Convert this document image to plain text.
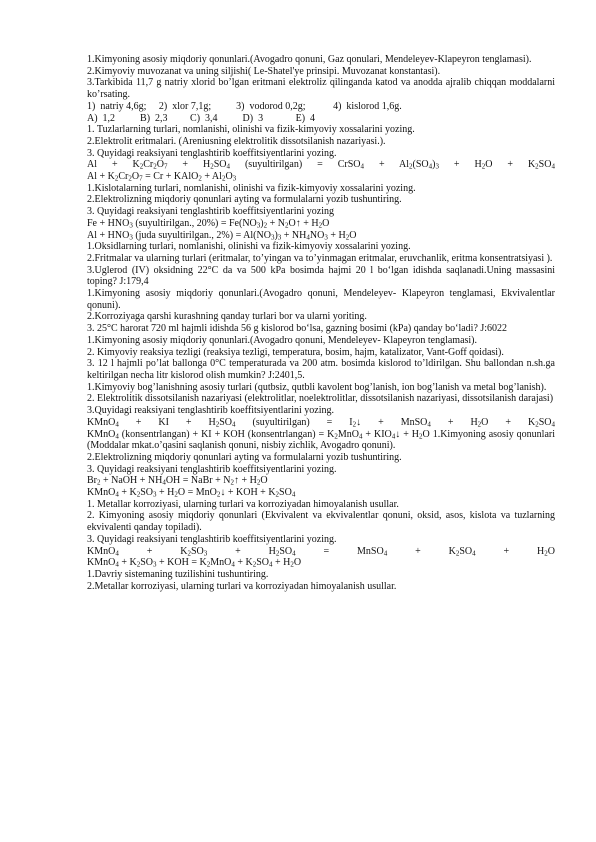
1.Kimyoning asosiy miqdoriy qonunlari.(Avogadro qonuni, Gaz qonulari, Mendeleyev-Klapeyron tenglamasi).

2.Kimyoviy muvozanat va uning siljishi( Le-Shatel'ye prinsipi. Muvozanat konstantasi).

3.Tarkibida 11,7 g natriy xlorid bo’lgan eritmani elektroliz qilinganda katod va anodda ajralib chiqqan moddalarni ko’rsating.

1)  natriy 4,6g;     2)  xlor 7,1g;          3)  vodorod 0,2g;           4)  kislorod 1,6g.

A)  1,2          B)  2,3         C)  3,4          D)  3             E)  4

1. Tuzlarlarning turlari, nomlanishi, olinishi va fizik-kimyoviy xossalarini yozing.

2.Elektrolit eritmalari. (Areniusning elektrolitik dissotsilanish nazariyasi.).

3. Quyidagi reaksiyani tenglashtirib koeffitsiyentlarini yozing.

$Al + K_2Cr_2O_7 + H_2SO_4$ (suyultirilgan) = CrSO$_4$ + $Al_2(SO_4)_3 + H_2O + K_2SO_4$

$Al + K_2Cr_2O_7 = Cr$ + KAlO$_2$ + $Al_2O_3$

1.Kislotalarning turlari, nomlanishi, olinishi va fizik-kimyoviy xossalarini yozing.

2.Elektrolizning miqdoriy qonunlari ayting va formulalarni yozib tushuntiring.

3. Quyidagi reaksiyani tenglashtirib koeffitsiyentlarini yozing

$Fe + HNO_3$ (suyultirilgan., $20\%) = Fe(NO_3)_2$ + $N_2O↑ + H_2O$

$Al + HNO_3$ (juda suyultirilgan., $2\%) = Al(NO_3)_3 + NH_4NO_3 + H_2O$

1.Oksidlarning turlari, nomlanishi, olinishi va fizik-kimyoviy xossalarini yozing.

2.Fritmalar va ularning turlari (eritmalar, to’yingan va to’yinmagan eritmalar, eruvchanlik, eritma konsentratsiyasi ).

3.Uglerod (IV) oksidning 22°C da va 500 kPa bosimda hajmi 20 l bo‘lgan idishda saqlanadi.Uning massasini toping? J:179,4

1.Kimyoning asosiy miqdoriy qonunlari.(Avogadro qonuni, Mendeleyev- Klapeyron tenglamasi, Ekvivalentlar qonuni).

2.Korroziyaga qarshi kurashning qanday turlari bor va ularni yoriting.

3. 25°C harorat 720 ml hajmli idishda 56 g kislorod bo‘lsa, gazning bosimi (kPa) qanday bo‘ladi? J:6022

1.Kimyoning asosiy miqdoriy qonunlari.(Avogadro qonuni, Mendeleyev- Klapeyron tenglamasi).

2. Kimyoviy reaksiya tezligi (reaksiya tezligi, temperatura, bosim, hajm, katalizator, Vant-Goff qoidasi).

3. 12 l hajmli po’lat ballonga 0°C temperaturada va 200 atm. bosimda kislorod to’ldirilgan. Shu ballondan n.sh.ga keltirilgan necha litr kislorod olish mumkin? J:2401,5.

1.Kimyoviy bog’lanishning asosiy turlari (qutbsiz, qutbli kavolent bog’lanish, ion bog’lanish va metal bog’lanish).

2. Elektrolitik dissotsilanish nazariyasi (elektrolitlar, noelektrolitlar, dissotsilanish nazariyasi, dissotsilanish darajasi)

3.Quyidagi reaksiyani tenglashtirib koeffitsiyentlarini yozing.

KMnO$_4$ + KI + $H_2SO_4$ (suyultirilgan) = $I_2↓$ + MnSO$_4$ + $H_2O + K_2SO_4$

KMnO$_4$ (konsentrlangan) + KI + KOH (konsentrlangan) = $K_2MnO_4$ + $KIO_4↓ + H_2O$ 1.Kimyoning asosiy qonunlari (Moddalar mkat.o’qasini saqlanish qonuni, nisbiy zichlik, Avogadro qonuni).

2.Elektrolizning miqdoriy qonunlari ayting va formulalarni yozib tushuntiring.

3. Quyidagi reaksiyani tenglashtirib koeffitsiyentlarini yozing.

$Br_2$ + NaOH + $NH_4OH$ = NaBr + $N_2↑ + H_2O$

KMnO$_4$ + $K_2SO_3 + H_2O$ = MnO$_2$↓ + KOH + $K_2SO_4$

1. Metallar korroziyasi, ularning turlari va korroziyadan himoyalanish usullar.

2. Kimyoning asosiy miqdoriy qonunlari (Ekvivalent va ekvivalentlar qonuni, oksid, asos, kislota va tuzlarning ekvivalenti qanday topiladi).

3. Quyidagi reaksiyani tenglashtirib koeffitsiyentlarini yozing.

KMnO$_4$ + $K_2SO_3 + H_2SO_4$ = MnSO$_4$ + $K_2SO_4 + H_2O$

KMnO$_4$ + $K_2SO_3$ + KOH = $K_2MnO_4 + K_2SO_4 + H_2O$

1.Davriy sistemaning tuzilishini tushuntiring.

2.Metallar korroziyasi, ularning turlari va korroziyadan himoyalanish usullar.
